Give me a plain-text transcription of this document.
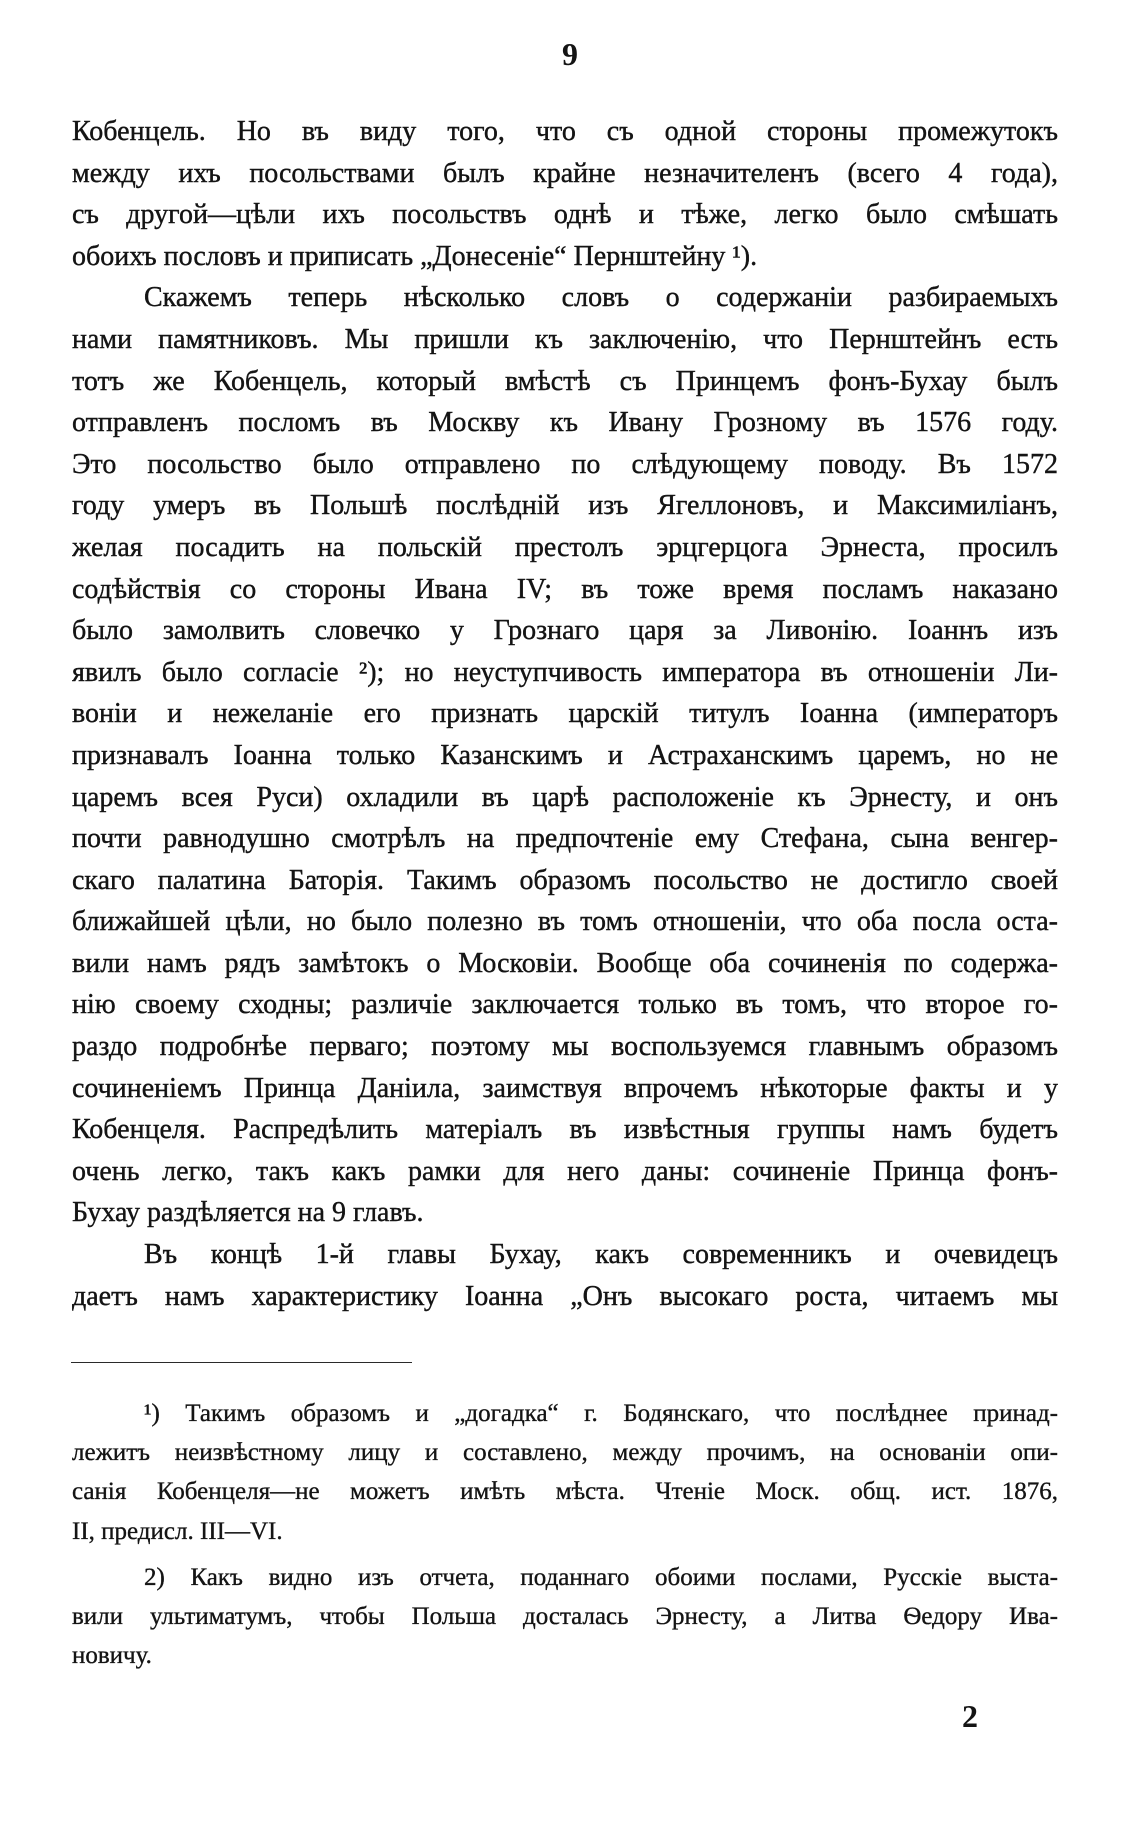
9
Кобенцель. Но въ виду того, что съ одной стороны промежутокъ
между ихъ посольствами былъ крайне незначителенъ (всего 4 года),
съ другой—цѣли ихъ посольствъ однѣ и тѣже, легко было смѣшать
обоихъ пословъ и приписать „Донесеніе“ Пернштейну ¹).
Скажемъ теперь нѣсколько словъ о содержаніи разбираемыхъ
нами памятниковъ. Мы пришли къ заключенію, что Пернштейнъ есть
тотъ же Кобенцель, который вмѣстѣ съ Принцемъ фонъ-Бухау былъ
отправленъ посломъ въ Москву къ Ивану Грозному въ 1576 году.
Это посольство было отправлено по слѣдующему поводу. Въ 1572
году умеръ въ Польшѣ послѣдній изъ Ягеллоновъ, и Максимиліанъ,
желая посадить на польскій престолъ эрцгерцога Эрнеста, просилъ
содѣйствія со стороны Ивана IV; въ тоже время посламъ наказано
было замолвить словечко у Грознаго царя за Ливонію. Іоаннъ изъ
явилъ было согласіе ²); но неуступчивость императора въ отношеніи Ли-
воніи и нежеланіе его признать царскій титулъ Іоанна (императоръ
признавалъ Іоанна только Казанскимъ и Астраханскимъ царемъ, но не
царемъ всея Руси) охладили въ царѣ расположеніе къ Эрнесту, и онъ
почти равнодушно смотрѣлъ на предпочтеніе ему Стефана, сына венгер-
скаго палатина Баторія. Такимъ образомъ посольство не достигло своей
ближайшей цѣли, но было полезно въ томъ отношеніи, что оба посла оста-
вили намъ рядъ замѣтокъ о Московіи. Вообще оба сочиненія по содержа-
нію своему сходны; различіе заключается только въ томъ, что второе го-
раздо подробнѣе перваго; поэтому мы воспользуемся главнымъ образомъ
сочиненіемъ Принца Даніила, заимствуя впрочемъ нѣкоторые факты и у
Кобенцеля. Распредѣлить матеріалъ въ извѣстныя группы намъ будетъ
очень легко, такъ какъ рамки для него даны: сочиненіе Принца фонъ-
Бухау раздѣляется на 9 главъ.
Въ концѣ 1-й главы Бухау, какъ современникъ и очевидецъ
даетъ намъ характеристику Іоанна „Онъ высокаго роста, читаемъ мы
¹) Такимъ образомъ и „догадка“ г. Бодянскаго, что послѣднее принад-
лежитъ неизвѣстному лицу и составлено, между прочимъ, на основаніи опи-
санія Кобенцеля—не можетъ имѣть мѣста. Чтеніе Моск. общ. ист. 1876,
II, предисл. III—VI.
2) Какъ видно изъ отчета, поданнаго обоими послами, Русскіе выста-
вили ультиматумъ, чтобы Польша досталась Эрнесту, а Литва Ѳедору Ива-
новичу.
2
